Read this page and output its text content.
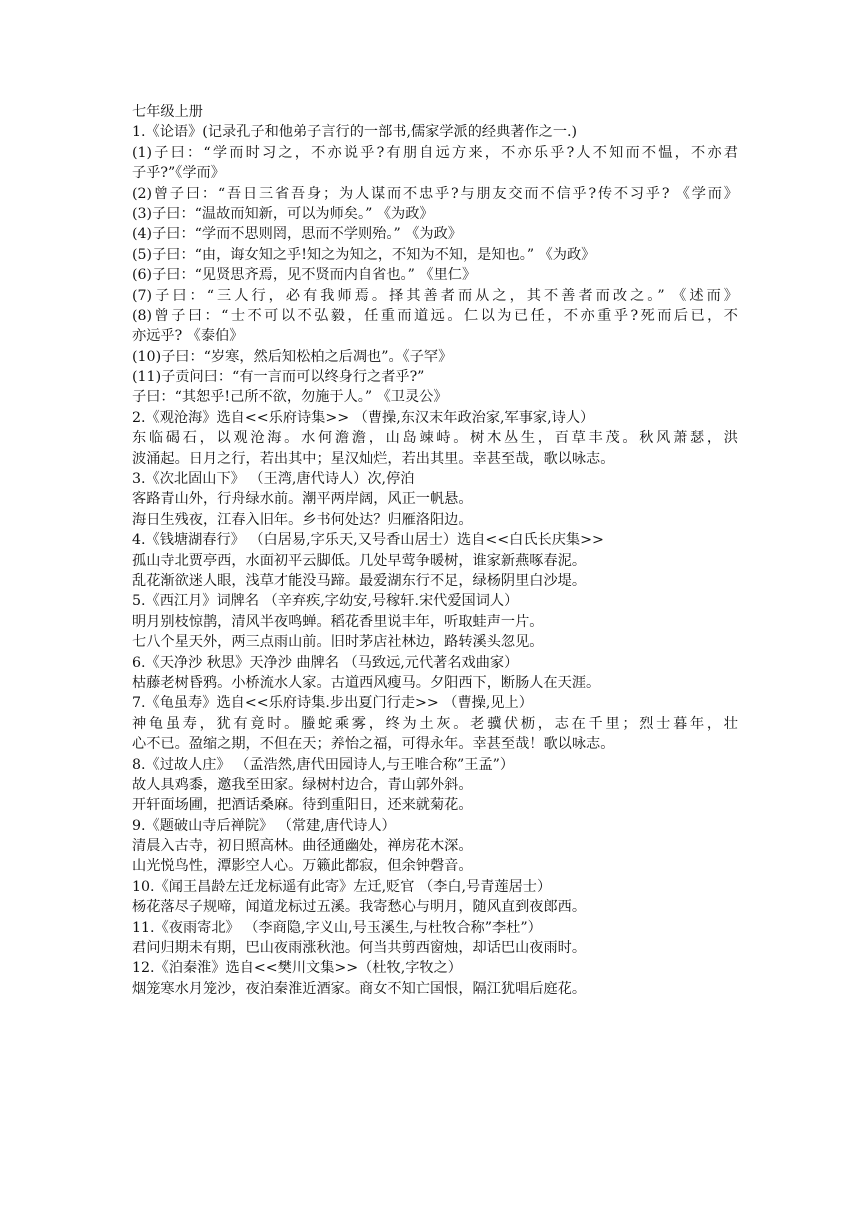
七年级上册
1.《论语》(记录孔子和他弟子言行的一部书,儒家学派的经典著作之一.)
(1)子曰：“学而时习之，不亦说乎?有朋自远方来，不亦乐乎?人不知而不愠，不亦君
子乎?”《学而》
(2)曾子曰：“吾日三省吾身；为人谋而不忠乎?与朋友交而不信乎?传不习乎? 《学而》
(3)子曰：“温故而知新，可以为师矣。” 《为政》
(4)子曰：“学而不思则罔，思而不学则殆。” 《为政》
(5)子曰：“由，诲女知之乎!知之为知之，不知为不知，是知也。” 《为政》
(6)子曰：“见贤思齐焉，见不贤而内自省也。” 《里仁》
(7)子曰：“三人行，必有我师焉。择其善者而从之，其不善者而改之。” 《述而》
(8)曾子曰：“士不可以不弘毅，任重而道远。仁以为已任，不亦重乎?死而后已，不
亦远乎? 《泰伯》
(10)子曰：“岁寒，然后知松柏之后凋也”。《子罕》
(11)子贡问曰：“有一言而可以终身行之者乎?”
子曰：“其恕乎!己所不欲，勿施于人。” 《卫灵公》
2.《观沧海》选自<<乐府诗集>> （曹操,东汉末年政治家,军事家,诗人）
东临碣石，以观沧海。水何澹澹，山岛竦峙。树木丛生，百草丰茂。秋风萧瑟，洪
波涌起。日月之行，若出其中；星汉灿烂，若出其里。幸甚至哉，歌以咏志。
3.《次北固山下》 （王湾,唐代诗人）次,停泊
客路青山外，行舟绿水前。潮平两岸阔，风正一帆悬。
海日生残夜，江春入旧年。乡书何处达？归雁洛阳边。
4.《钱塘湖春行》 （白居易,字乐天,又号香山居士）选自<<白氏长庆集>>
孤山寺北贾亭西，水面初平云脚低。几处早莺争暖树，谁家新燕啄春泥。
乱花渐欲迷人眼，浅草才能没马蹄。最爱湖东行不足，绿杨阴里白沙堤。
5.《西江月》词牌名 （辛弃疾,字幼安,号稼轩.宋代爱国词人）
明月别枝惊鹊，清风半夜鸣蝉。稻花香里说丰年，听取蛙声一片。
七八个星天外，两三点雨山前。旧时茅店社林边，路转溪头忽见。
6.《天净沙 秋思》天净沙 曲牌名 （马致远,元代著名戏曲家）
枯藤老树昏鸦。小桥流水人家。古道西风瘦马。夕阳西下，断肠人在天涯。
7.《龟虽寿》选自<<乐府诗集.步出夏门行走>> （曹操,见上）
神龟虽寿，犹有竟时。螣蛇乘雾，终为土灰。老骥伏枥，志在千里；烈士暮年，壮
心不已。盈缩之期，不但在天；养怡之福，可得永年。幸甚至哉！歌以咏志。
8.《过故人庄》 （孟浩然,唐代田园诗人,与王唯合称”王孟”）
故人具鸡黍，邀我至田家。绿树村边合，青山郭外斜。
开轩面场圃，把酒话桑麻。待到重阳日，还来就菊花。
9.《题破山寺后禅院》 （常建,唐代诗人）
清晨入古寺，初日照高林。曲径通幽处，禅房花木深。
山光悦鸟性，潭影空人心。万籁此都寂，但余钟磬音。
10.《闻王昌龄左迁龙标遥有此寄》左迁,贬官 （李白,号青莲居士）
杨花落尽子规啼，闻道龙标过五溪。我寄愁心与明月，随风直到夜郎西。
11.《夜雨寄北》 （李商隐,字义山,号玉溪生,与杜牧合称”李杜”）
君问归期未有期，巴山夜雨涨秋池。何当共剪西窗烛，却话巴山夜雨时。
12.《泊秦淮》选自<<樊川文集>>（杜牧,字牧之）
烟笼寒水月笼沙，夜泊秦淮近酒家。商女不知亡国恨，隔江犹唱后庭花。
